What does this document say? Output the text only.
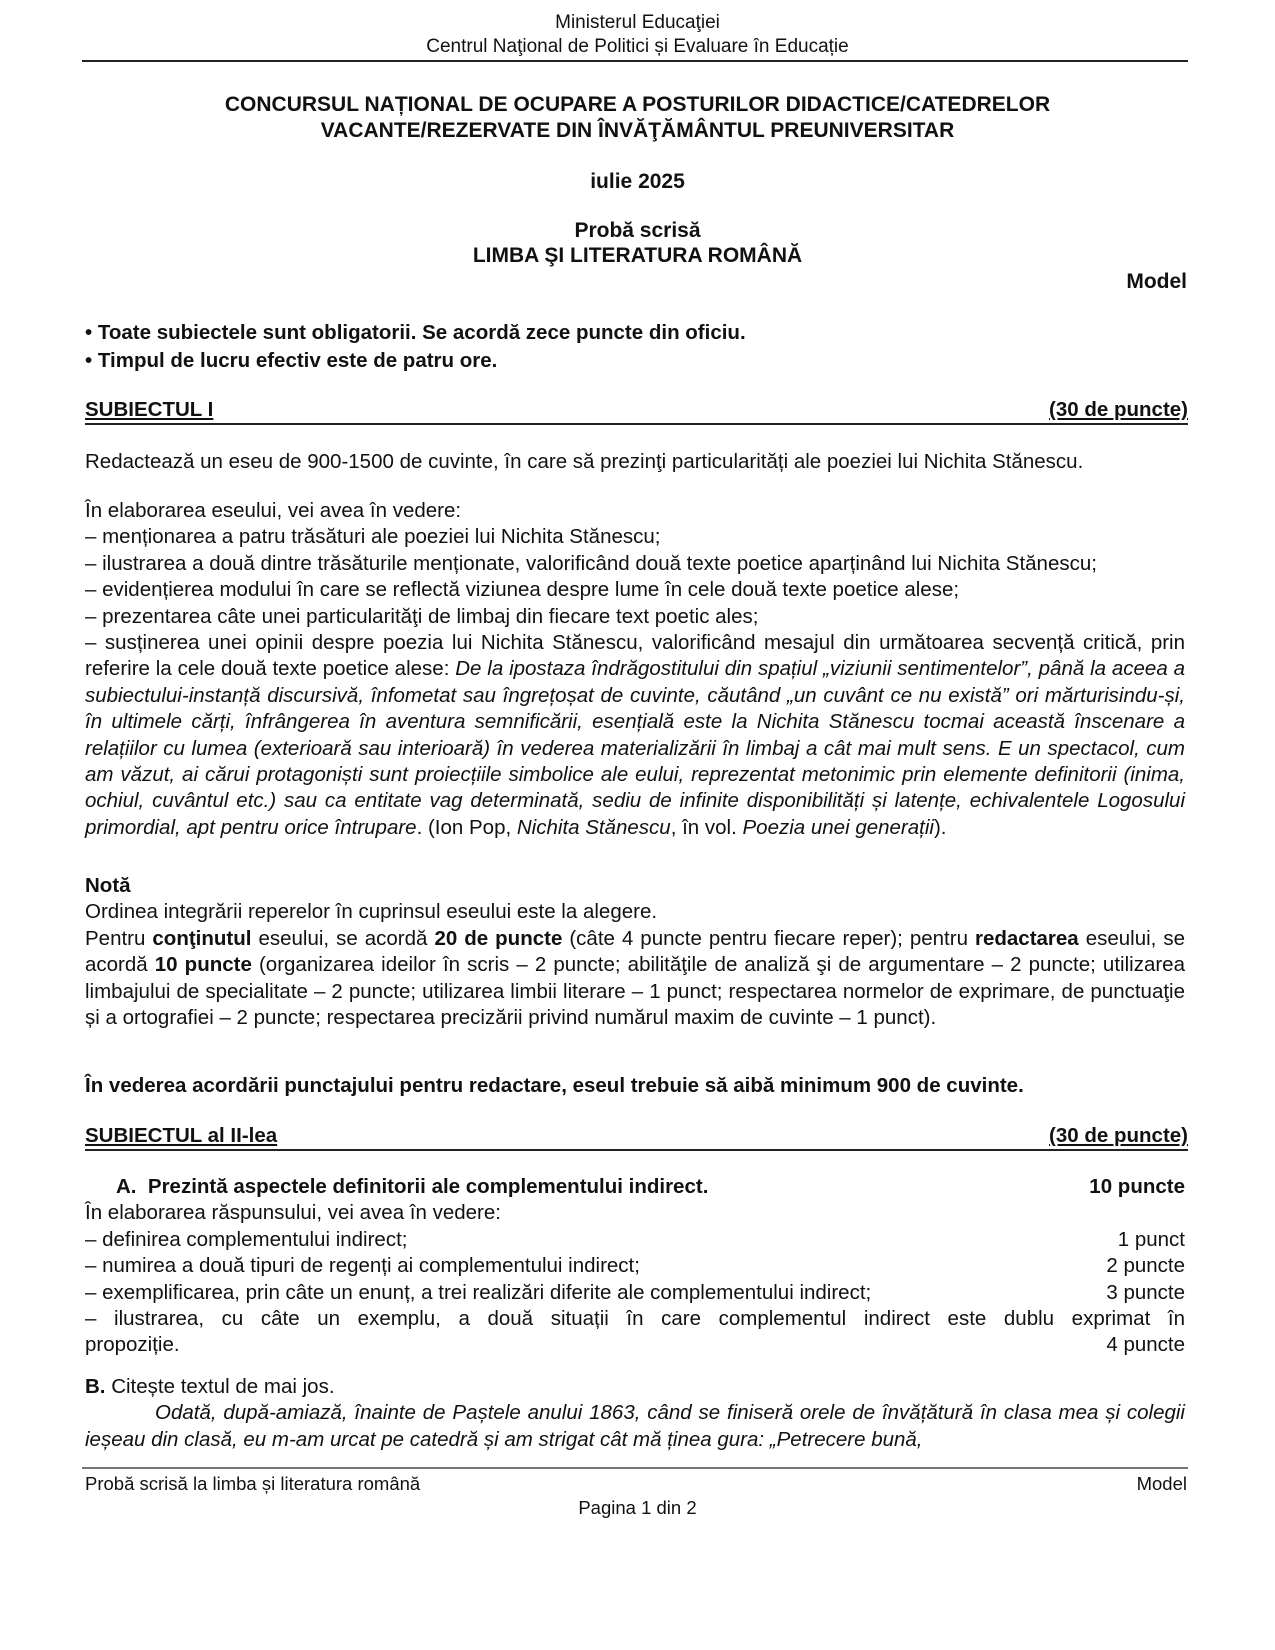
Ministerul Educaţiei
Centrul Naţional de Politici și Evaluare în Educație
CONCURSUL NAȚIONAL DE OCUPARE A POSTURILOR DIDACTICE/CATEDRELOR
VACANTE/REZERVATE DIN ÎNVĂŢĂMÂNTUL PREUNIVERSITAR
iulie 2025
Probă scrisă
LIMBA ŞI LITERATURA ROMÂNĂ
Model
• Toate subiectele sunt obligatorii. Se acordă zece puncte din oficiu.
• Timpul de lucru efectiv este de patru ore.
SUBIECTUL I	(30 de puncte)
Redactează un eseu de 900-1500 de cuvinte, în care să prezinţi particularități ale poeziei lui Nichita Stănescu.
În elaborarea eseului, vei avea în vedere:
– menționarea a patru trăsături ale poeziei lui Nichita Stănescu;
– ilustrarea a două dintre trăsăturile menționate, valorificând două texte poetice aparținând lui Nichita Stănescu;
– evidențierea modului în care se reflectă viziunea despre lume în cele două texte poetice alese;
– prezentarea câte unei particularităţi de limbaj din fiecare text poetic ales;
– susținerea unei opinii despre poezia lui Nichita Stănescu, valorificând mesajul din următoarea secvență critică, prin referire la cele două texte poetice alese: De la ipostaza îndrăgostitului din spațiul „viziunii sentimentelor”, până la aceea a subiectului-instanță discursivă, înfometat sau îngrețoșat de cuvinte, căutând „un cuvânt ce nu există” ori mărturisindu-și, în ultimele cărți, înfrângerea în aventura semnificării, esențială este la Nichita Stănescu tocmai această înscenare a relațiilor cu lumea (exterioară sau interioară) în vederea materializării în limbaj a cât mai mult sens. E un spectacol, cum am văzut, ai cărui protagoniști sunt proiecțiile simbolice ale eului, reprezentat metonimic prin elemente definitorii (inima, ochiul, cuvântul etc.) sau ca entitate vag determinată, sediu de infinite disponibilități și latențe, echivalentele Logosului primordial, apt pentru orice întrupare. (Ion Pop, Nichita Stănescu, în vol. Poezia unei generații).
Notă
Ordinea integrării reperelor în cuprinsul eseului este la alegere.
Pentru conţinutul eseului, se acordă 20 de puncte (câte 4 puncte pentru fiecare reper); pentru redactarea eseului, se acordă 10 puncte (organizarea ideilor în scris – 2 puncte; abilităţile de analiză şi de argumentare – 2 puncte; utilizarea limbajului de specialitate – 2 puncte; utilizarea limbii literare – 1 punct; respectarea normelor de exprimare, de punctuaţie și a ortografiei – 2 puncte; respectarea precizării privind numărul maxim de cuvinte – 1 punct).
În vederea acordării punctajului pentru redactare, eseul trebuie să aibă minimum 900 de cuvinte.
SUBIECTUL al II-lea	(30 de puncte)
A. Prezintă aspectele definitorii ale complementului indirect.	10 puncte
În elaborarea răspunsului, vei avea în vedere:
– definirea complementului indirect;	1 punct
– numirea a două tipuri de regenți ai complementului indirect;	2 puncte
– exemplificarea, prin câte un enunț, a trei realizări diferite ale complementului indirect;	3 puncte
– ilustrarea, cu câte un exemplu, a două situații în care complementul indirect este dublu exprimat în
propoziție.	4 puncte
B. Citește textul de mai jos.
Odată, după-amiază, înainte de Paștele anului 1863, când se finiseră orele de învățătură în clasa mea și colegii ieșeau din clasă, eu m-am urcat pe catedră și am strigat cât mă ținea gura: „Petrecere bună,
Probă scrisă la limba și literatura română	Model
Pagina 1 din 2
